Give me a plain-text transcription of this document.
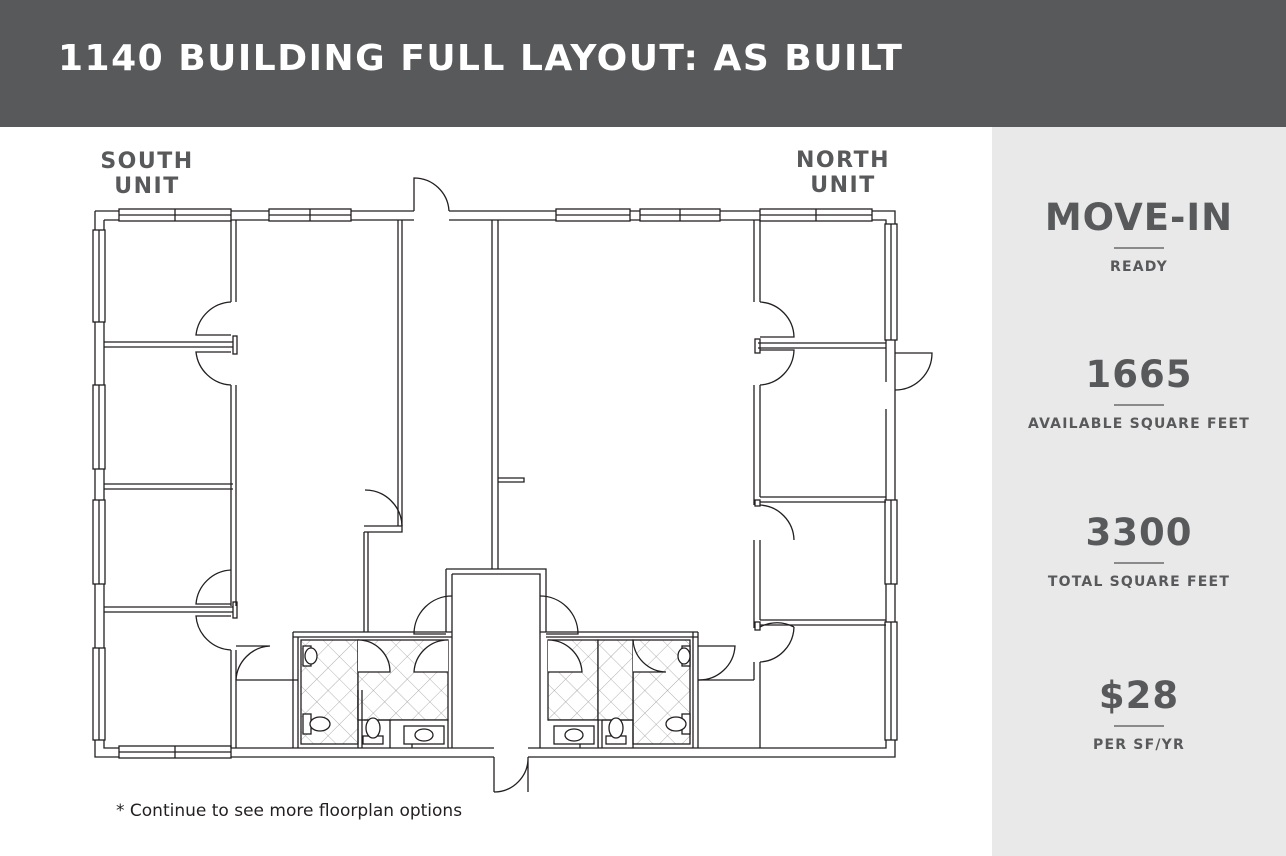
1140 BUILDING FULL LAYOUT: AS BUILT
SOUTH
UNIT
NORTH
UNIT
* Continue to see more floorplan options
MOVE-IN
READY
1665
AVAILABLE SQUARE FEET
3300
TOTAL SQUARE FEET
$28
PER SF/YR
